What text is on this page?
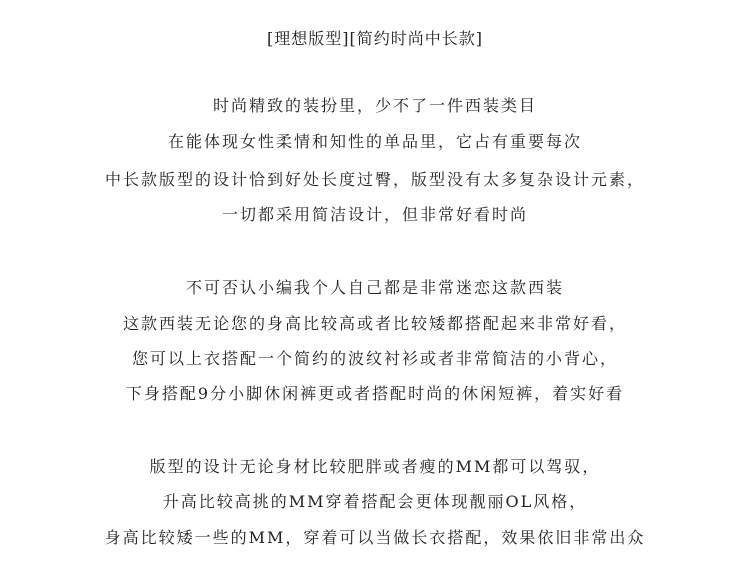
[理想版型][简约时尚中长款]
时尚精致的装扮里，少不了一件西装类目
在能体现女性柔情和知性的单品里，它占有重要每次
中长款版型的设计恰到好处长度过臀，版型没有太多复杂设计元素，
一切都采用简洁设计，但非常好看时尚
不可否认小编我个人自己都是非常迷恋这款西装
这款西装无论您的身高比较高或者比较矮都搭配起来非常好看，
您可以上衣搭配一个简约的波纹衬衫或者非常简洁的小背心，
下身搭配9分小脚休闲裤更或者搭配时尚的休闲短裤，着实好看
版型的设计无论身材比较肥胖或者瘦的MM都可以驾驭，
升高比较高挑的MM穿着搭配会更体现靓丽OL风格，
身高比较矮一些的MM，穿着可以当做长衣搭配，效果依旧非常出众
